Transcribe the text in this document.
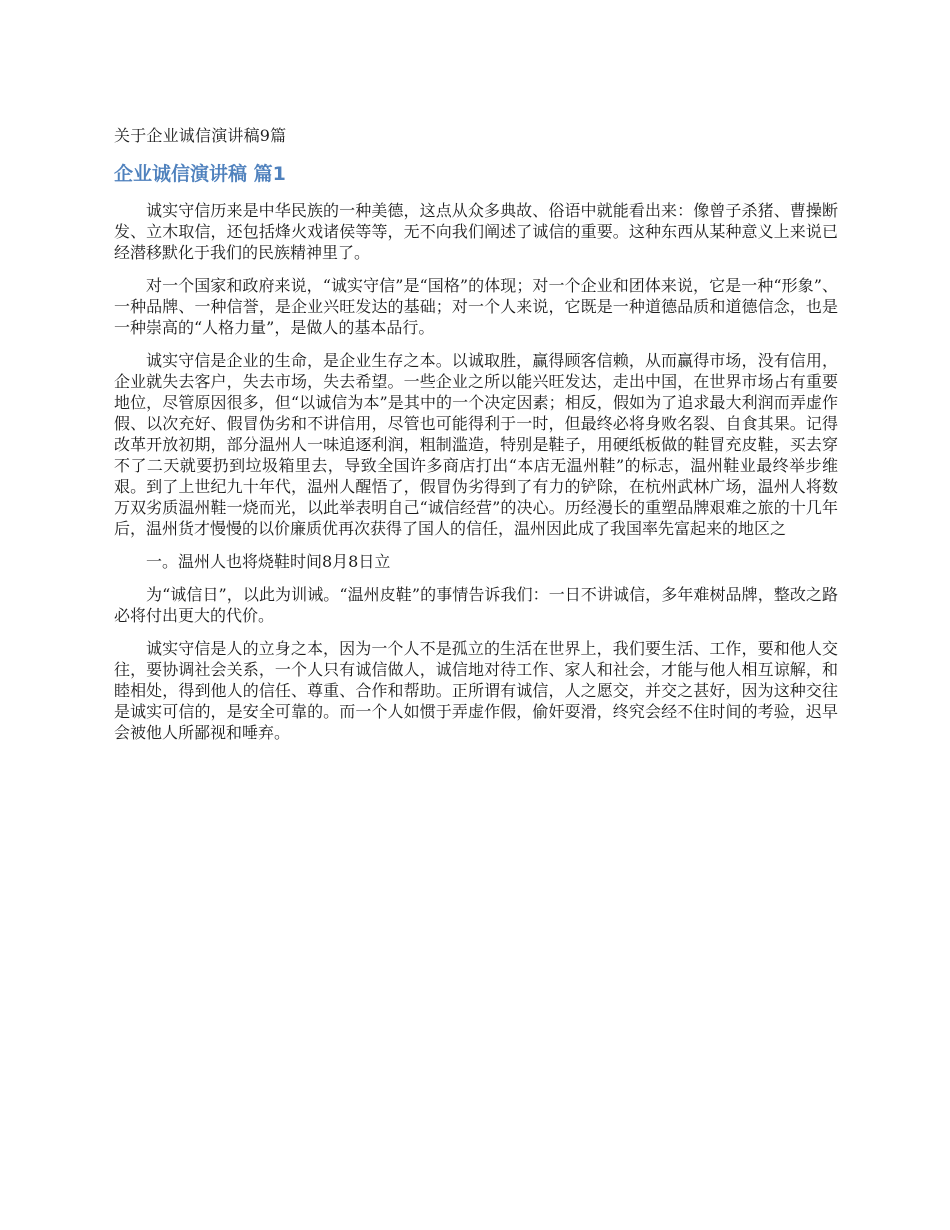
关于企业诚信演讲稿9篇
企业诚信演讲稿 篇1

诚实守信历来是中华民族的一种美德，这点从众多典故、俗语中就能看出来：像曾子杀猪、曹操断发、立木取信，还包括烽火戏诸侯等等，无不向我们阐述了诚信的重要。这种东西从某种意义上来说已经潜移默化于我们的民族精神里了。

对一个国家和政府来说，“诚实守信”是“国格”的体现；对一个企业和团体来说，它是一种“形象”、一种品牌、一种信誉，是企业兴旺发达的基础；对一个人来说，它既是一种道德品质和道德信念，也是一种崇高的“人格力量”，是做人的基本品行。

诚实守信是企业的生命，是企业生存之本。以诚取胜，赢得顾客信赖，从而赢得市场，没有信用，企业就失去客户，失去市场，失去希望。一些企业之所以能兴旺发达，走出中国，在世界市场占有重要地位，尽管原因很多，但“以诚信为本”是其中的一个决定因素；相反，假如为了追求最大利润而弄虚作假、以次充好、假冒伪劣和不讲信用，尽管也可能得利于一时，但最终必将身败名裂、自食其果。记得改革开放初期，部分温州人一味追逐利润，粗制滥造，特别是鞋子，用硬纸板做的鞋冒充皮鞋，买去穿不了二天就要扔到垃圾箱里去，导致全国许多商店打出“本店无温州鞋”的标志，温州鞋业最终举步维艰。到了上世纪九十年代，温州人醒悟了，假冒伪劣得到了有力的铲除，在杭州武林广场，温州人将数万双劣质温州鞋一烧而光，以此举表明自己“诚信经营”的决心。历经漫长的重塑品牌艰难之旅的十几年后，温州货才慢慢的以价廉质优再次获得了国人的信任，温州因此成了我国率先富起来的地区之

一。温州人也将烧鞋时间8月8日立

为“诚信日”，以此为训诫。“温州皮鞋”的事情告诉我们：一日不讲诚信，多年难树品牌，整改之路必将付出更大的代价。

诚实守信是人的立身之本，因为一个人不是孤立的生活在世界上，我们要生活、工作，要和他人交往，要协调社会关系，一个人只有诚信做人，诚信地对待工作、家人和社会，才能与他人相互谅解，和睦相处，得到他人的信任、尊重、合作和帮助。正所谓有诚信，人之愿交，并交之甚好，因为这种交往是诚实可信的，是安全可靠的。而一个人如惯于弄虚作假，偷奸耍滑，终究会经不住时间的考验，迟早会被他人所鄙视和唾弃。
